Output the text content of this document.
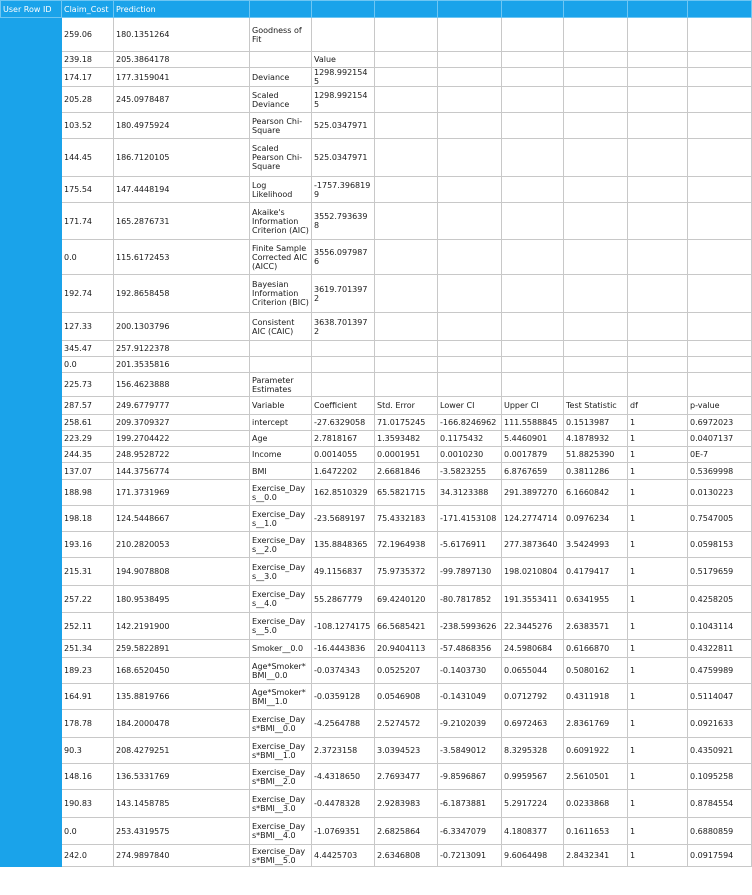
User Row ID	Claim_Cost	Prediction									
	259.06	180.1351264	Goodness of Fit								
	239.18	205.3864178		Value							
	174.17	177.3159041	Deviance	1298.9921545							
	205.28	245.0978487	Scaled Deviance	1298.9921545							
	103.52	180.4975924	Pearson Chi-Square	525.0347971							
	144.45	186.7120105	Scaled Pearson Chi-Square	525.0347971							
	175.54	147.4448194	Log Likelihood	-1757.3968199							
	171.74	165.2876731	Akaike's Information Criterion (AIC)	3552.7936398							
	0.0	115.6172453	Finite Sample Corrected AIC (AICC)	3556.0979876							
	192.74	192.8658458	Bayesian Information Criterion (BIC)	3619.7013972							
	127.33	200.1303796	Consistent AIC (CAIC)	3638.7013972							
	345.47	257.9122378									
	0.0	201.3535816									
	225.73	156.4623888	Parameter Estimates								
	287.57	249.6779777	Variable	Coefficient	Std. Error	Lower CI	Upper CI	Test Statistic	df	p-value	
	258.61	209.3709327	intercept	-27.6329058	71.0175245	-166.8246962	111.5588845	0.1513987	1	0.6972023	
	223.29	199.2704422	Age	2.7818167	1.3593482	0.1175432	5.4460901	4.1878932	1	0.0407137	
	244.35	248.9528722	Income	0.0014055	0.0001951	0.0010230	0.0017879	51.8825390	1	0E-7	
	137.07	144.3756774	BMI	1.6472202	2.6681846	-3.5823255	6.8767659	0.3811286	1	0.5369998	
	188.98	171.3731969	Exercise_Days__0.0	162.8510329	65.5821715	34.3123388	291.3897270	6.1660842	1	0.0130223	
	198.18	124.5448667	Exercise_Days__1.0	-23.5689197	75.4332183	-171.4153108	124.2774714	0.0976234	1	0.7547005	
	193.16	210.2820053	Exercise_Days__2.0	135.8848365	72.1964938	-5.6176911	277.3873640	3.5424993	1	0.0598153	
	215.31	194.9078808	Exercise_Days__3.0	49.1156837	75.9735372	-99.7897130	198.0210804	0.4179417	1	0.5179659	
	257.22	180.9538495	Exercise_Days__4.0	55.2867779	69.4240120	-80.7817852	191.3553411	0.6341955	1	0.4258205	
	252.11	142.2191900	Exercise_Days__5.0	-108.1274175	66.5685421	-238.5993626	22.3445276	2.6383571	1	0.1043114	
	251.34	259.5822891	Smoker__0.0	-16.4443836	20.9404113	-57.4868356	24.5980684	0.6166870	1	0.4322811	
	189.23	168.6520450	Age*Smoker*BMI__0.0	-0.0374343	0.0525207	-0.1403730	0.0655044	0.5080162	1	0.4759989	
	164.91	135.8819766	Age*Smoker*BMI__1.0	-0.0359128	0.0546908	-0.1431049	0.0712792	0.4311918	1	0.5114047	
	178.78	184.2000478	Exercise_Days*BMI__0.0	-4.2564788	2.5274572	-9.2102039	0.6972463	2.8361769	1	0.0921633	
	90.3	208.4279251	Exercise_Days*BMI__1.0	2.3723158	3.0394523	-3.5849012	8.3295328	0.6091922	1	0.4350921	
	148.16	136.5331769	Exercise_Days*BMI__2.0	-4.4318650	2.7693477	-9.8596867	0.9959567	2.5610501	1	0.1095258	
	190.83	143.1458785	Exercise_Days*BMI__3.0	-0.4478328	2.9283983	-6.1873881	5.2917224	0.0233868	1	0.8784554	
	0.0	253.4319575	Exercise_Days*BMI__4.0	-1.0769351	2.6825864	-6.3347079	4.1808377	0.1611653	1	0.6880859	
	242.0	274.9897840	Exercise_Days*BMI__5.0	4.4425703	2.6346808	-0.7213091	9.6064498	2.8432341	1	0.0917594	
